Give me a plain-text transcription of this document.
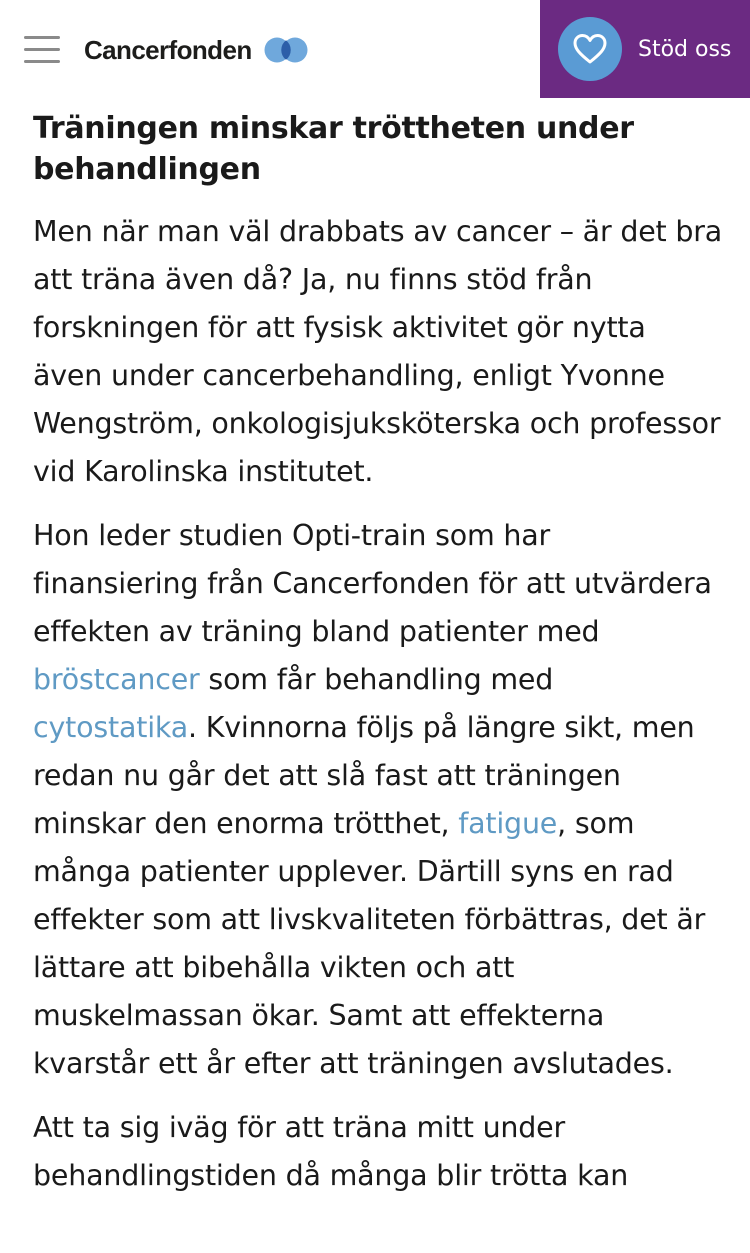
Cancerfonden	Stöd oss
Träningen minskar tröttheten under behandlingen

Men när man väl drabbats av cancer – är det bra att träna även då? Ja, nu finns stöd från forskningen för att fysisk aktivitet gör nytta även under cancerbehandling, enligt Yvonne Wengström, onkologisjuksköterska och professor vid Karolinska institutet.

Hon leder studien Opti-train som har finansiering från Cancerfonden för att utvärdera effekten av träning bland patienter med bröstcancer som får behandling med cytostatika. Kvinnorna följs på längre sikt, men redan nu går det att slå fast att träningen minskar den enorma trötthet, fatigue, som många patienter upplever. Därtill syns en rad effekter som att livskvaliteten förbättras, det är lättare att bibehålla vikten och att muskelmassan ökar. Samt att effekterna kvarstår ett år efter att träningen avslutades.

Att ta sig iväg för att träna mitt under behandlingstiden då många blir trötta kan
